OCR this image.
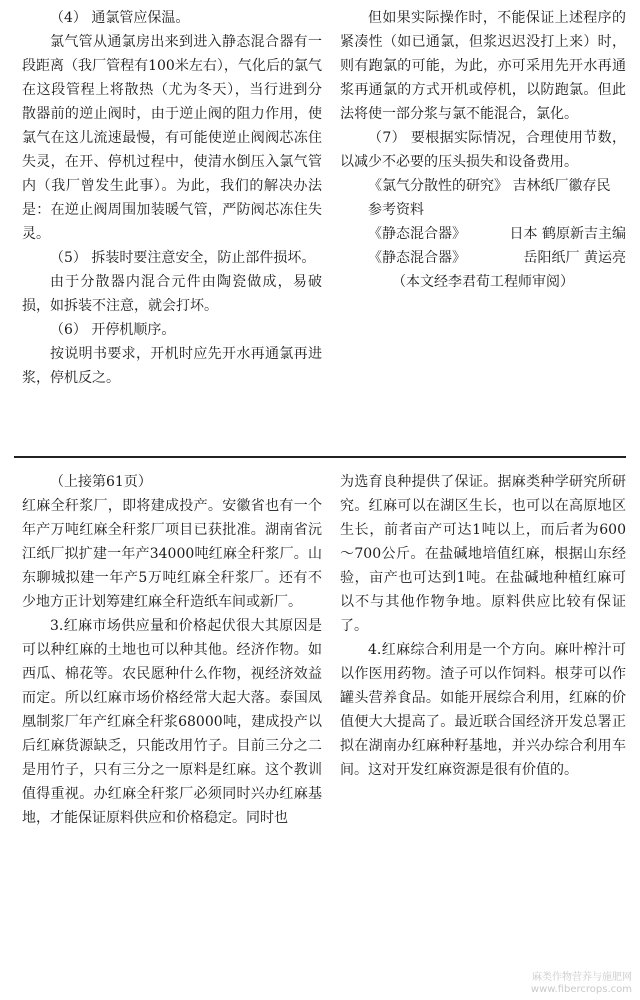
（4） 通氯管应保温。

氯气管从通氯房出来到进入静态混合器有一段距离（我厂管程有100米左右），气化后的氯气在这段管程上将散热（尤为冬天），当行进到分散器前的逆止阀时，由于逆止阀的阻力作用，使氯气在这儿流速最慢，有可能使逆止阀阀芯冻住失灵，在开、停机过程中，使清水倒压入氯气管内（我厂曾发生此事）。为此，我们的解决办法是：在逆止阀周围加装暖气管，严防阀芯冻住失灵。

（5） 拆装时要注意安全，防止部件损坏。

由于分散器内混合元件由陶瓷做成，易破损，如拆装不注意，就会打坏。

（6） 开停机顺序。

按说明书要求，开机时应先开水再通氯再进浆，停机反之。

但如果实际操作时，不能保证上述程序的紧凑性（如已通氯，但浆迟迟没打上来）时，则有跑氯的可能，为此，亦可采用先开水再通浆再通氯的方式开机或停机，以防跑氯。但此法将使一部分浆与氯不能混合，氯化。

（7） 要根据实际情况，合理使用节数，以减少不必要的压头损失和设备费用。

《氯气分散性的研究》 吉林纸厂徽存民

参考资料

《静态混合器》	日本 鹤原新吉主编
《静态混合器》	岳阳纸厂 黄运亮

（本文经李君荀工程师审阅）

（上接第61页）

红麻全秆浆厂，即将建成投产。安徽省也有一个年产万吨红麻全秆浆厂项目已获批准。湖南省沅江纸厂拟扩建一年产34000吨红麻全秆浆厂。山东聊城拟建一年产5万吨红麻全秆浆厂。还有不少地方正计划筹建红麻全秆造纸车间或新厂。

3.红麻市场供应量和价格起伏很大其原因是可以种红麻的土地也可以种其他。经济作物。如西瓜、棉花等。农民愿种什么作物，视经济效益而定。所以红麻市场价格经常大起大落。泰国凤凰制浆厂年产红麻全秆浆68000吨，建成投产以后红麻货源缺乏，只能改用竹子。目前三分之二是用竹子，只有三分之一原料是红麻。这个教训值得重视。办红麻全秆浆厂必须同时兴办红麻基地，才能保证原料供应和价格稳定。同时也

为选育良种提供了保证。据麻类种学研究所研究。红麻可以在湖区生长，也可以在高原地区生长，前者亩产可达1吨以上，而后者为600～700公斤。在盐碱地培值红麻，根据山东经验，亩产也可达到1吨。在盐碱地种植红麻可以不与其他作物争地。原料供应比较有保证了。

4.红麻综合利用是一个方向。麻叶榨汁可以作医用药物。渣子可以作饲料。根芽可以作罐头营养食品。如能开展综合利用，红麻的价值便大大提高了。最近联合国经济开发总署正拟在湖南办红麻种籽基地，并兴办综合利用车间。这对开发红麻资源是很有价值的。

麻类作物营养与施肥网
www.fibercrops.com
